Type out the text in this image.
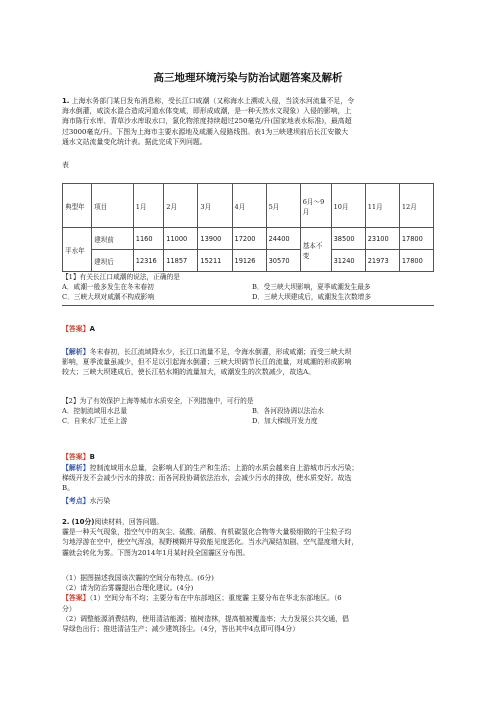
高三地理环境污染与防治试题答案及解析
1. 上海水务部门某日发布消息称，受长江口咸潮（又称海水上溯或入侵，当淡水河流量不足，令
海水倒灌，咸淡水混合造成河道水体变咸，即形成咸潮，是一种天然水文现象）入侵的影响，上
海市陈行水库、青草沙水库取水口，氯化物浓度持续超过250毫克/升(国家地表水标准)，最高超
过3000毫克/升。下图为上海市主要水源地及咸潮入侵路线图。表1为三峡建坝前后长江安徽大
通水文站流量变化统计表。据此完成下列问题。
表
典型年	项目	1月	2月	3月	4月	5月	6月～9月	10月	11月	12月
平水年	建坝前	1160	11000	13900	17200	24400	基本不变	38500	23100	17800
	建坝后	12316	11857	15211	19126	30570		31240	21973	17800
【1】有关长江口咸潮的说法，正确的是
A．咸潮一般多发生在冬末春初	B．受三峡大坝影响，夏季咸潮发生最多
C．三峡大坝对咸潮不构成影响	D．三峡大坝建成后，咸潮发生次数增多
【答案】A
【解析】冬末春初，长江流域降水少，长江口流量不足，令海水倒灌，形成咸潮；而受三峡大坝
影响，夏季流量虽减少，但不足以引起海水倒灌；三峡大坝调节长江的流量，对咸潮的形成影响
较大；三峡大坝建成后，使长江枯水期的流量加大，咸潮发生的次数减少，故选A。
【2】为了有效保护上海等城市水质安全，下列措施中，可行的是
A．控制流域用水总量	B．各河段协调以法治水
C．自来水厂迁至上游	D．加大梯级开发力度
【答案】B
【解析】控制流域用水总量，会影响人们的生产和生活；上游的水质会越来自上游城市污水污染；
梯级开发不会减少污水的排放；而各河段协调依法治水，会减少污水的排放，使水质变好。故选
B。
【考点】水污染
2. (10分)阅读材料，回答问题。
霾是一种天气现象，指空气中的灰尘、硫酸、硝酸、有机碳氢化合物等大量极细微的干尘粒子均
匀地浮游在空中，使空气浑浊，视野模糊并导致能见度恶化。当水汽凝结加剧、空气湿度增大时，
霾就会转化为雾。下图为2014年1月某时段全国霾区分布图。
（1）据图描述我国该次霾的空间分布特点。(6分)
（2）请为防治雾霾提出合理化建议。(4分)
【答案】（1）空间分布不均；主要分布在中东部地区；重度霾 主要分布在华北东部地区。（6
分）
（2）调整能源消费结构，使用清洁能源；植树造林，提高植被覆盖率；大力发展公共交通，倡
导绿色出行；推进清洁生产；减少建筑扬尘。（4分，答出其中4点即可得4分）
